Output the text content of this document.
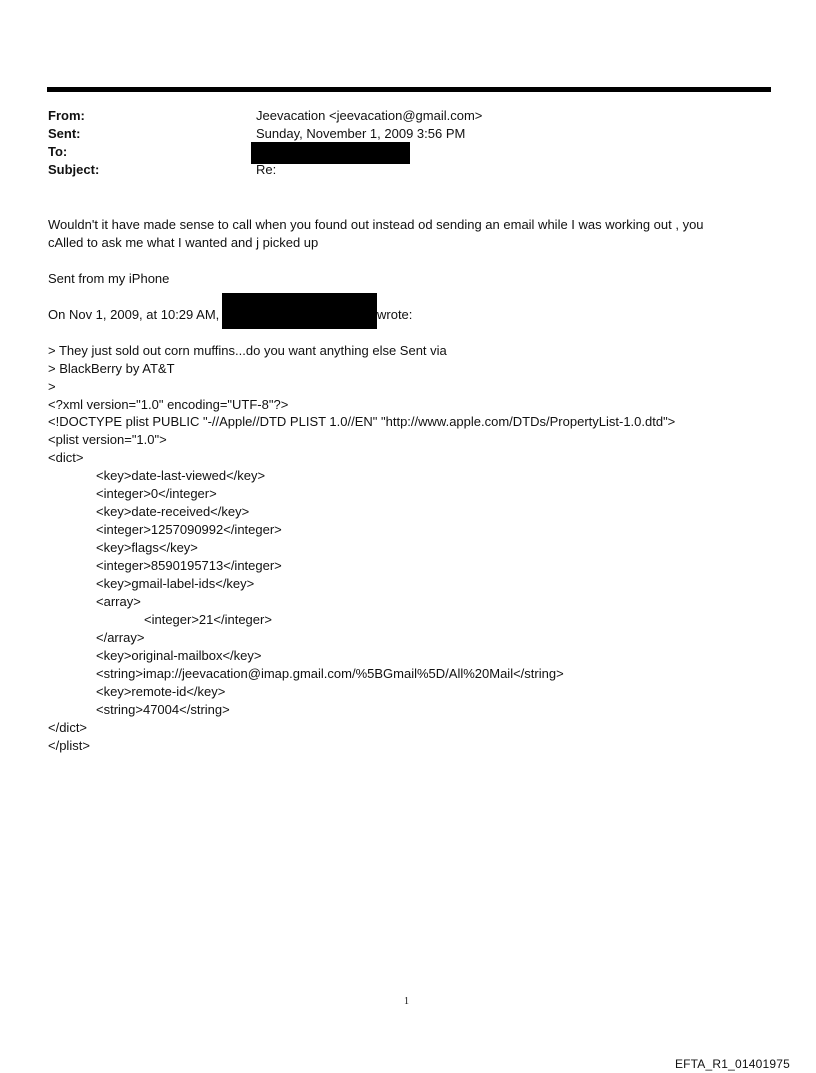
From:	Jeevacation <jeevacation@gmail.com>
Sent:	Sunday, November 1, 2009 3:56 PM
To:
Subject:	Re:
Wouldn't it have made sense to call when you found out instead od sending an email while I was working out , you
cAlled to ask me what I wanted and j picked up
Sent from my iPhone
On Nov 1, 2009, at 10:29 AM,	wrote:
> They just sold out corn muffins...do you want anything else Sent via
> BlackBerry by AT&T
>
<?xml version="1.0" encoding="UTF-8"?>
<!DOCTYPE plist PUBLIC "-//Apple//DTD PLIST 1.0//EN" "http://www.apple.com/DTDs/PropertyList-1.0.dtd">
<plist version="1.0">
<dict>
<key>date-last-viewed</key>
<integer>0</integer>
<key>date-received</key>
<integer>1257090992</integer>
<key>flags</key>
<integer>8590195713</integer>
<key>gmail-label-ids</key>
<array>
<integer>21</integer>
</array>
<key>original-mailbox</key>
<string>imap://jeevacation@imap.gmail.com/%5BGmail%5D/All%20Mail</string>
<key>remote-id</key>
<string>47004</string>
</dict>
</plist>
1
EFTA_R1_01401975
